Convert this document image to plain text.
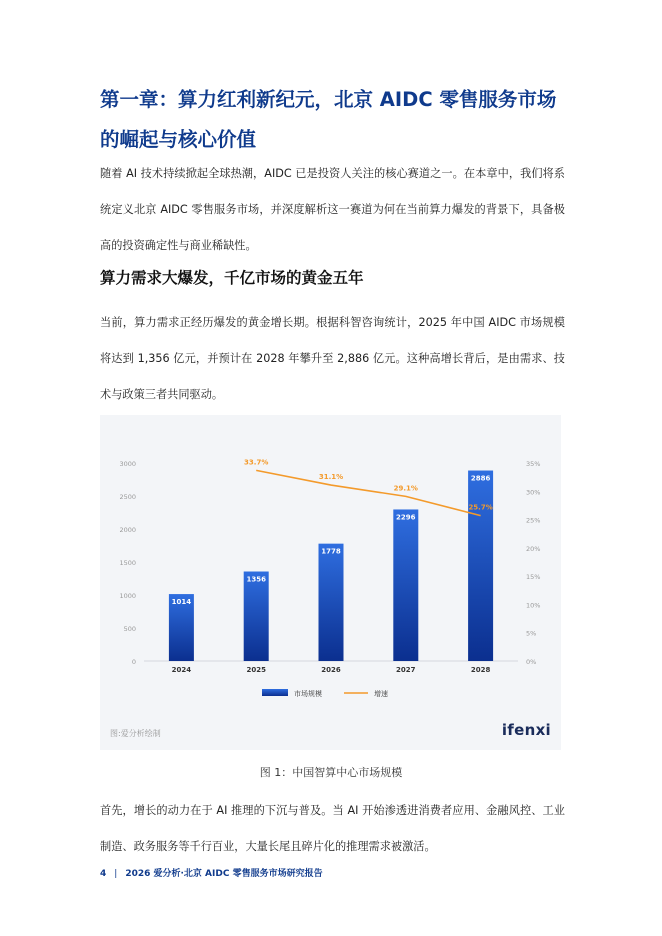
第一章：算力红利新纪元，北京 AIDC 零售服务市场的崛起与核心价值

随着 AI 技术持续掀起全球热潮，AIDC 已是投资人关注的核心赛道之一。在本章中，我们将系统定义北京 AIDC 零售服务市场，并深度解析这一赛道为何在当前算力爆发的背景下，具备极高的投资确定性与商业稀缺性。

算力需求大爆发，千亿市场的黄金五年

当前，算力需求正经历爆发的黄金增长期。根据科智咨询统计，2025 年中国 AIDC 市场规模将达到 1,356 亿元，并预计在 2028 年攀升至 2,886 亿元。这种高增长背后，是由需求、技术与政策三者共同驱动。

0
500
1000
1500
2000
2500
3000
0%
5%
10%
15%
20%
25%
30%
35%
1014
2024
1356
2025
1778
2026
2296
2027
2886
2028
33.7%
31.1%
29.1%
25.7%
市场规模	增速
图:爱分析绘制	ifenxi
图 1：中国智算中心市场规模

首先，增长的动力在于 AI 推理的下沉与普及。当 AI 开始渗透进消费者应用、金融风控、工业制造、政务服务等千行百业，大量长尾且碎片化的推理需求被激活。

4 | 2026 爱分析·北京 AIDC 零售服务市场研究报告
